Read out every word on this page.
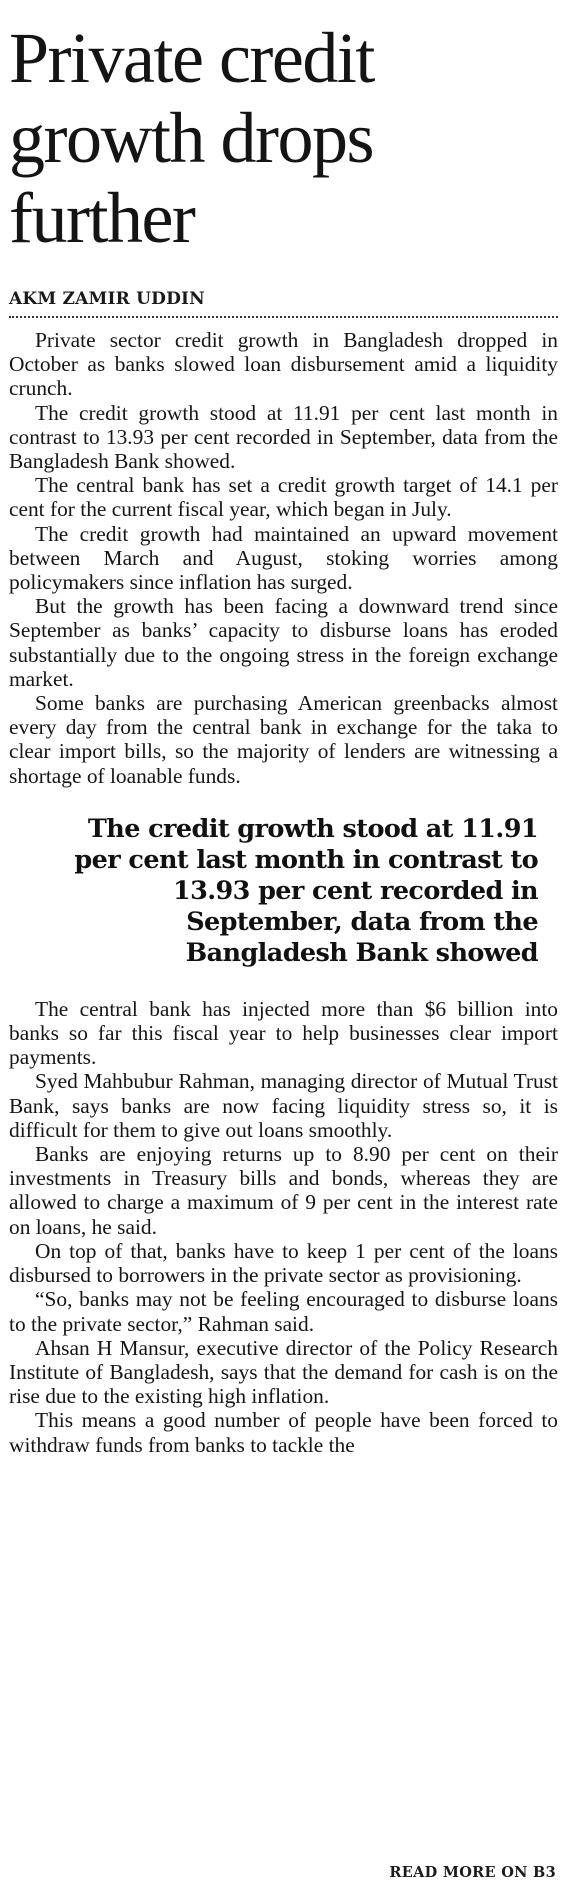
Private credit growth drops further
AKM ZAMIR UDDIN

Private sector credit growth in Bangladesh dropped in October as banks slowed loan disbursement amid a liquidity crunch.

The credit growth stood at 11.91 per cent last month in contrast to 13.93 per cent recorded in September, data from the Bangladesh Bank showed.

The central bank has set a credit growth target of 14.1 per cent for the current fiscal year, which began in July.

The credit growth had maintained an upward movement between March and August, stoking worries among policymakers since inflation has surged.

But the growth has been facing a downward trend since September as banks’ capacity to disburse loans has eroded substantially due to the ongoing stress in the foreign exchange market.

Some banks are purchasing American greenbacks almost every day from the central bank in exchange for the taka to clear import bills, so the majority of lenders are witnessing a shortage of loanable funds.

The credit growth stood at 11.91 per cent last month in contrast to 13.93 per cent recorded in September, data from the Bangladesh Bank showed

The central bank has injected more than $6 billion into banks so far this fiscal year to help businesses clear import payments.

Syed Mahbubur Rahman, managing director of Mutual Trust Bank, says banks are now facing liquidity stress so, it is difficult for them to give out loans smoothly.

Banks are enjoying returns up to 8.90 per cent on their investments in Treasury bills and bonds, whereas they are allowed to charge a maximum of 9 per cent in the interest rate on loans, he said.

On top of that, banks have to keep 1 per cent of the loans disbursed to borrowers in the private sector as provisioning.

“So, banks may not be feeling encouraged to disburse loans to the private sector,” Rahman said.

Ahsan H Mansur, executive director of the Policy Research Institute of Bangladesh, says that the demand for cash is on the rise due to the existing high inflation.

This means a good number of people have been forced to withdraw funds from banks to tackle the

READ MORE ON B3
